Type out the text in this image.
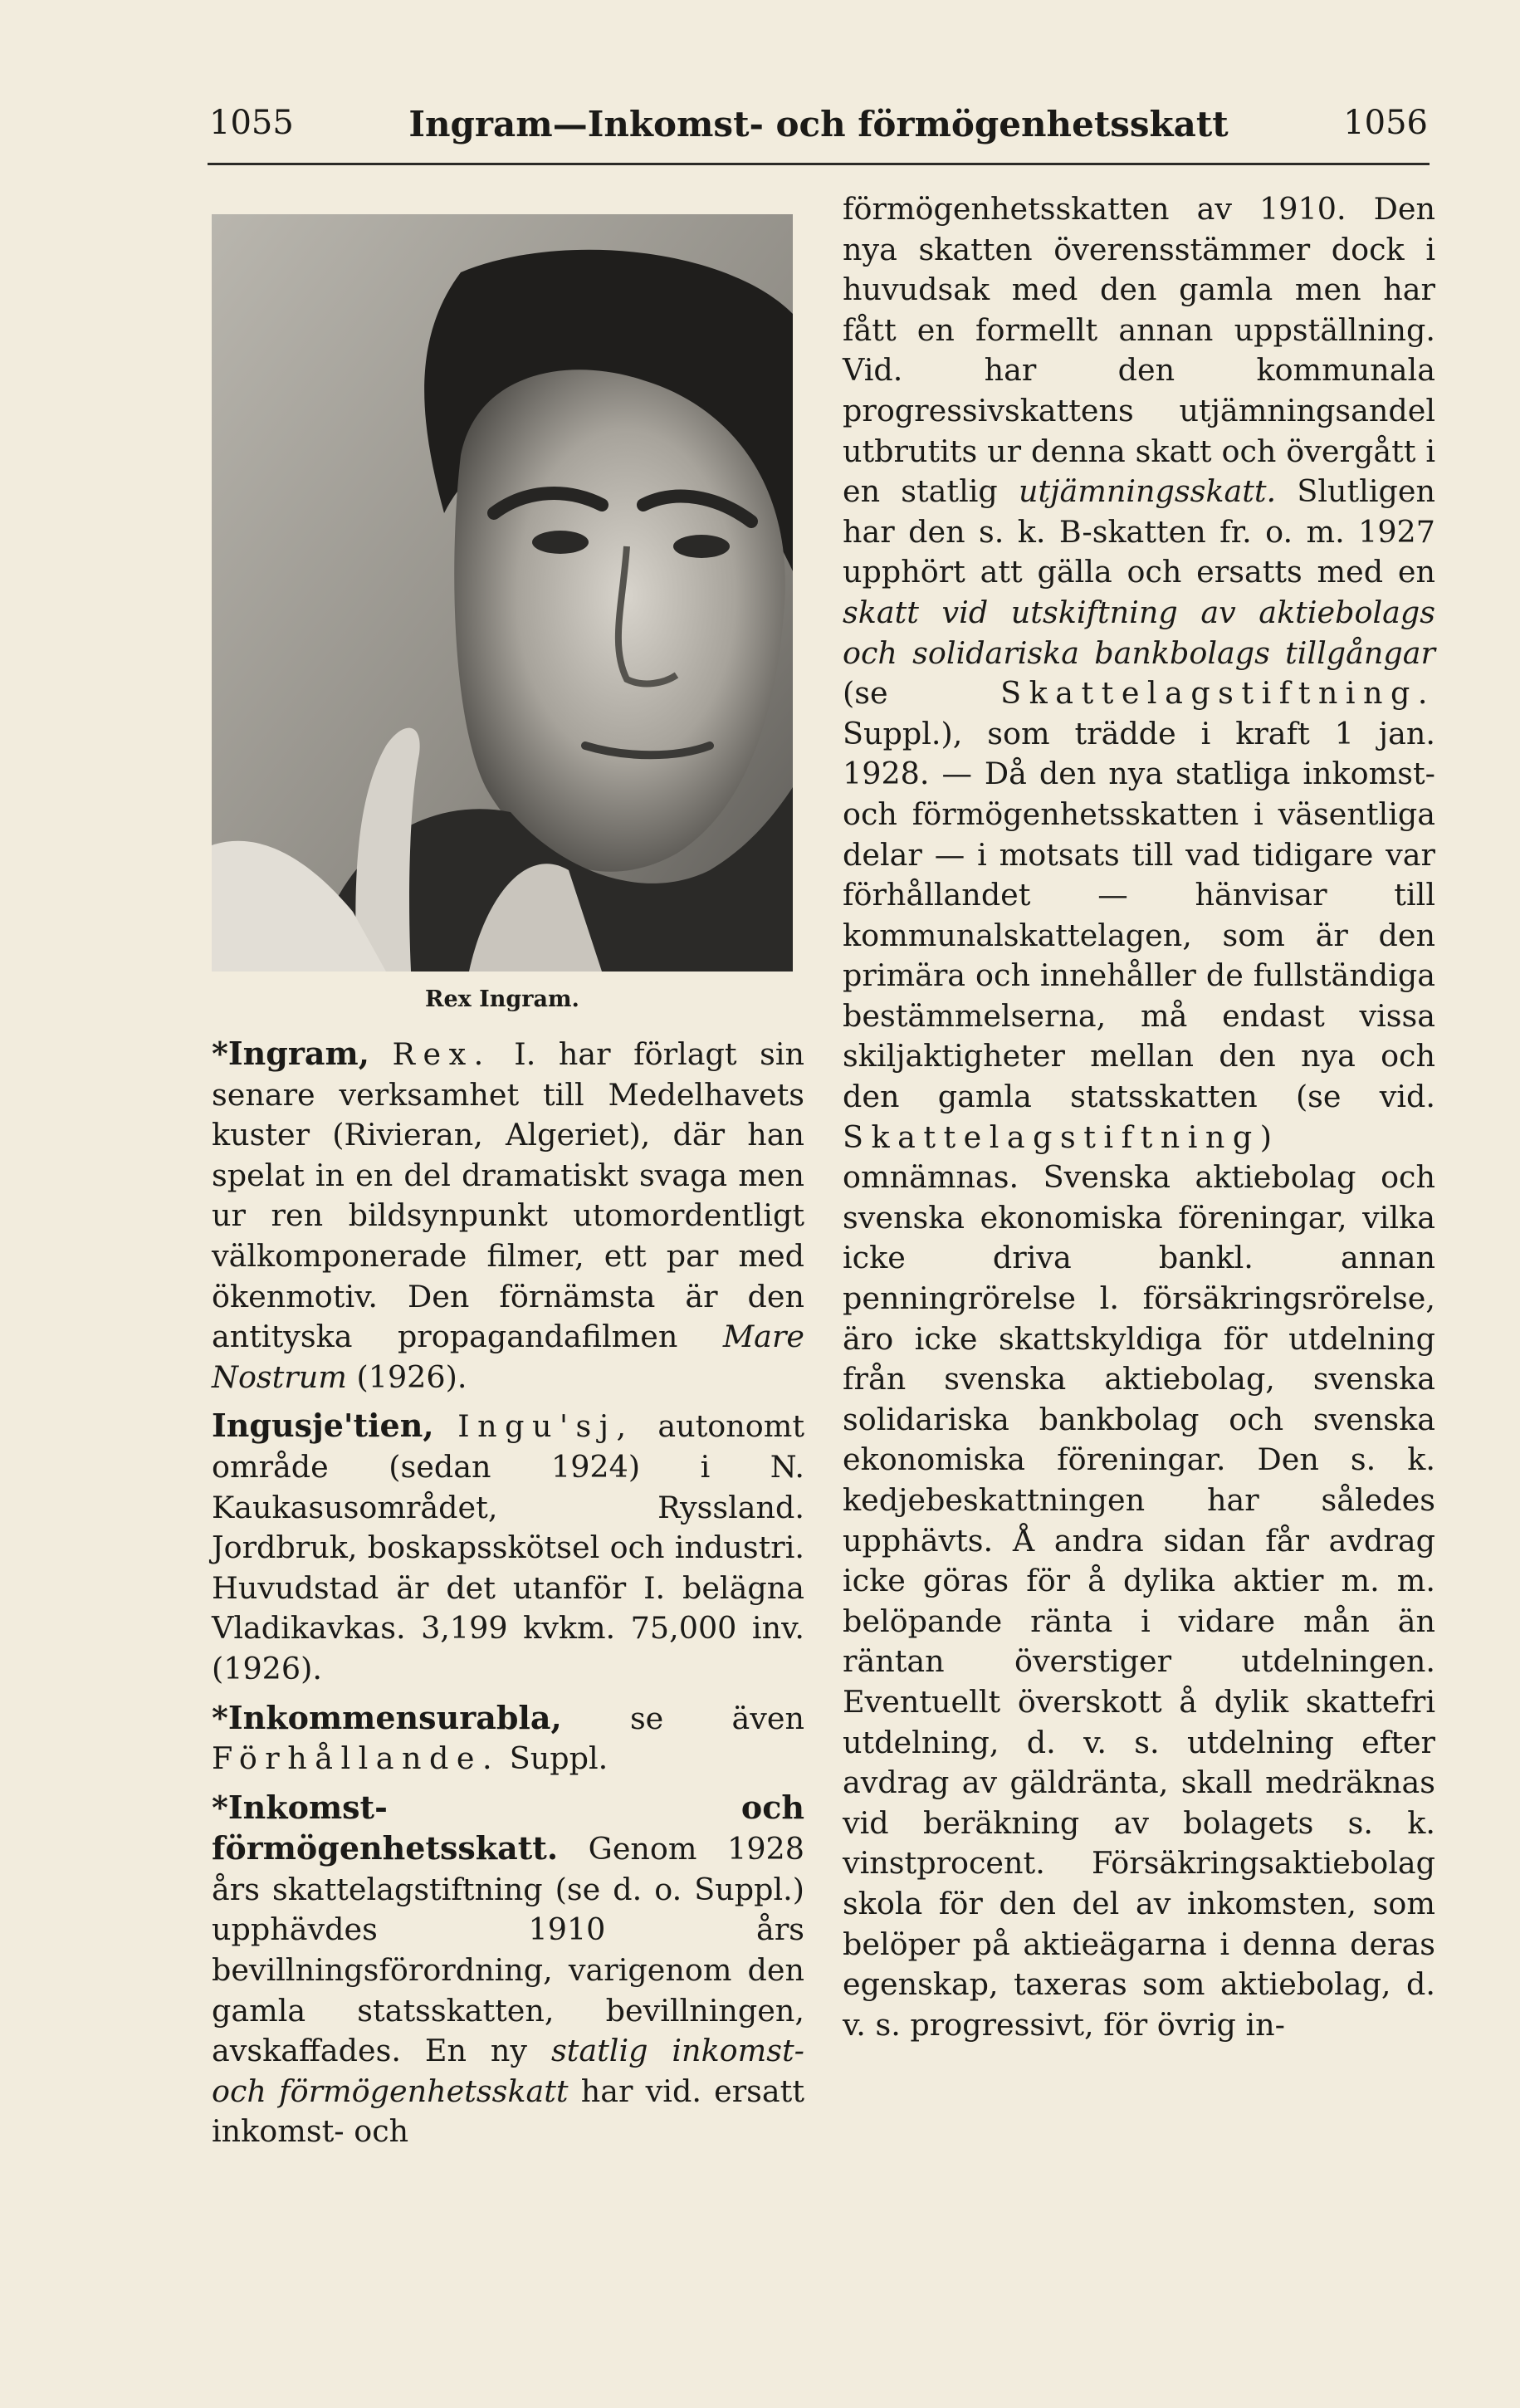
1055	Ingram—Inkomst- och förmögenhetsskatt	1056
Rex Ingram.

*Ingram, Rex. I. har förlagt sin senare verksamhet till Medelhavets kuster (Rivieran, Algeriet), där han spelat in en del dramatiskt svaga men ur ren bildsynpunkt utomordentligt välkomponerade filmer, ett par med ökenmotiv. Den förnämsta är den antityska propagandafilmen Mare Nostrum (1926).

Ingusje'tien, Ingu'sj, autonomt område (sedan 1924) i N. Kaukasusområdet, Ryssland. Jordbruk, boskapsskötsel och industri. Huvudstad är det utanför I. belägna Vladikavkas. 3,199 kvkm. 75,000 inv. (1926).

*Inkommensurabla, se även Förhållande. Suppl.

*Inkomst- och förmögenhetsskatt. Genom 1928 års skattelagstiftning (se d. o. Suppl.) upphävdes 1910 års bevillningsförordning, varigenom den gamla statsskatten, bevillningen, avskaffades. En ny statlig inkomst- och förmögenhetsskatt har vid. ersatt inkomst- och

förmögenhetsskatten av 1910. Den nya skatten överensstämmer dock i huvudsak med den gamla men har fått en formellt annan uppställning. Vid. har den kommunala progressivskattens utjämningsandel utbrutits ur denna skatt och övergått i en statlig utjämningsskatt. Slutligen har den s. k. B-skatten fr. o. m. 1927 upphört att gälla och ersatts med en skatt vid utskiftning av aktiebolags och solidariska bankbolags tillgångar (se	Skattelagstiftning. Suppl.), som trädde i kraft 1 jan. 1928. — Då den nya statliga inkomst- och förmögenhetsskatten i väsentliga delar — i motsats till vad tidigare var förhållandet — hänvisar till kommunalskattelagen, som är den primära och innehåller de fullständiga bestämmelserna, må endast vissa skiljaktigheter mellan den nya och den gamla statsskatten (se vid. Skattelagstiftning) omnämnas. Svenska aktiebolag och svenska ekonomiska föreningar, vilka icke driva bankl. annan penningrörelse l. försäkringsrörelse, äro icke skattskyldiga för utdelning från svenska aktiebolag, svenska solidariska bankbolag och svenska ekonomiska föreningar. Den s. k. kedjebeskattningen har således upphävts. Å andra sidan får avdrag icke göras för å dylika aktier m. m. belöpande ränta i vidare mån än räntan överstiger utdelningen. Eventuellt överskott å dylik skattefri utdelning, d. v. s. utdelning efter avdrag av gäldränta, skall medräknas vid beräkning av bolagets s. k. vinstprocent. Försäkringsaktiebolag skola för den del av inkomsten, som belöper på aktieägarna i denna deras egenskap, taxeras som aktiebolag, d. v. s. progressivt, för övrig in-
